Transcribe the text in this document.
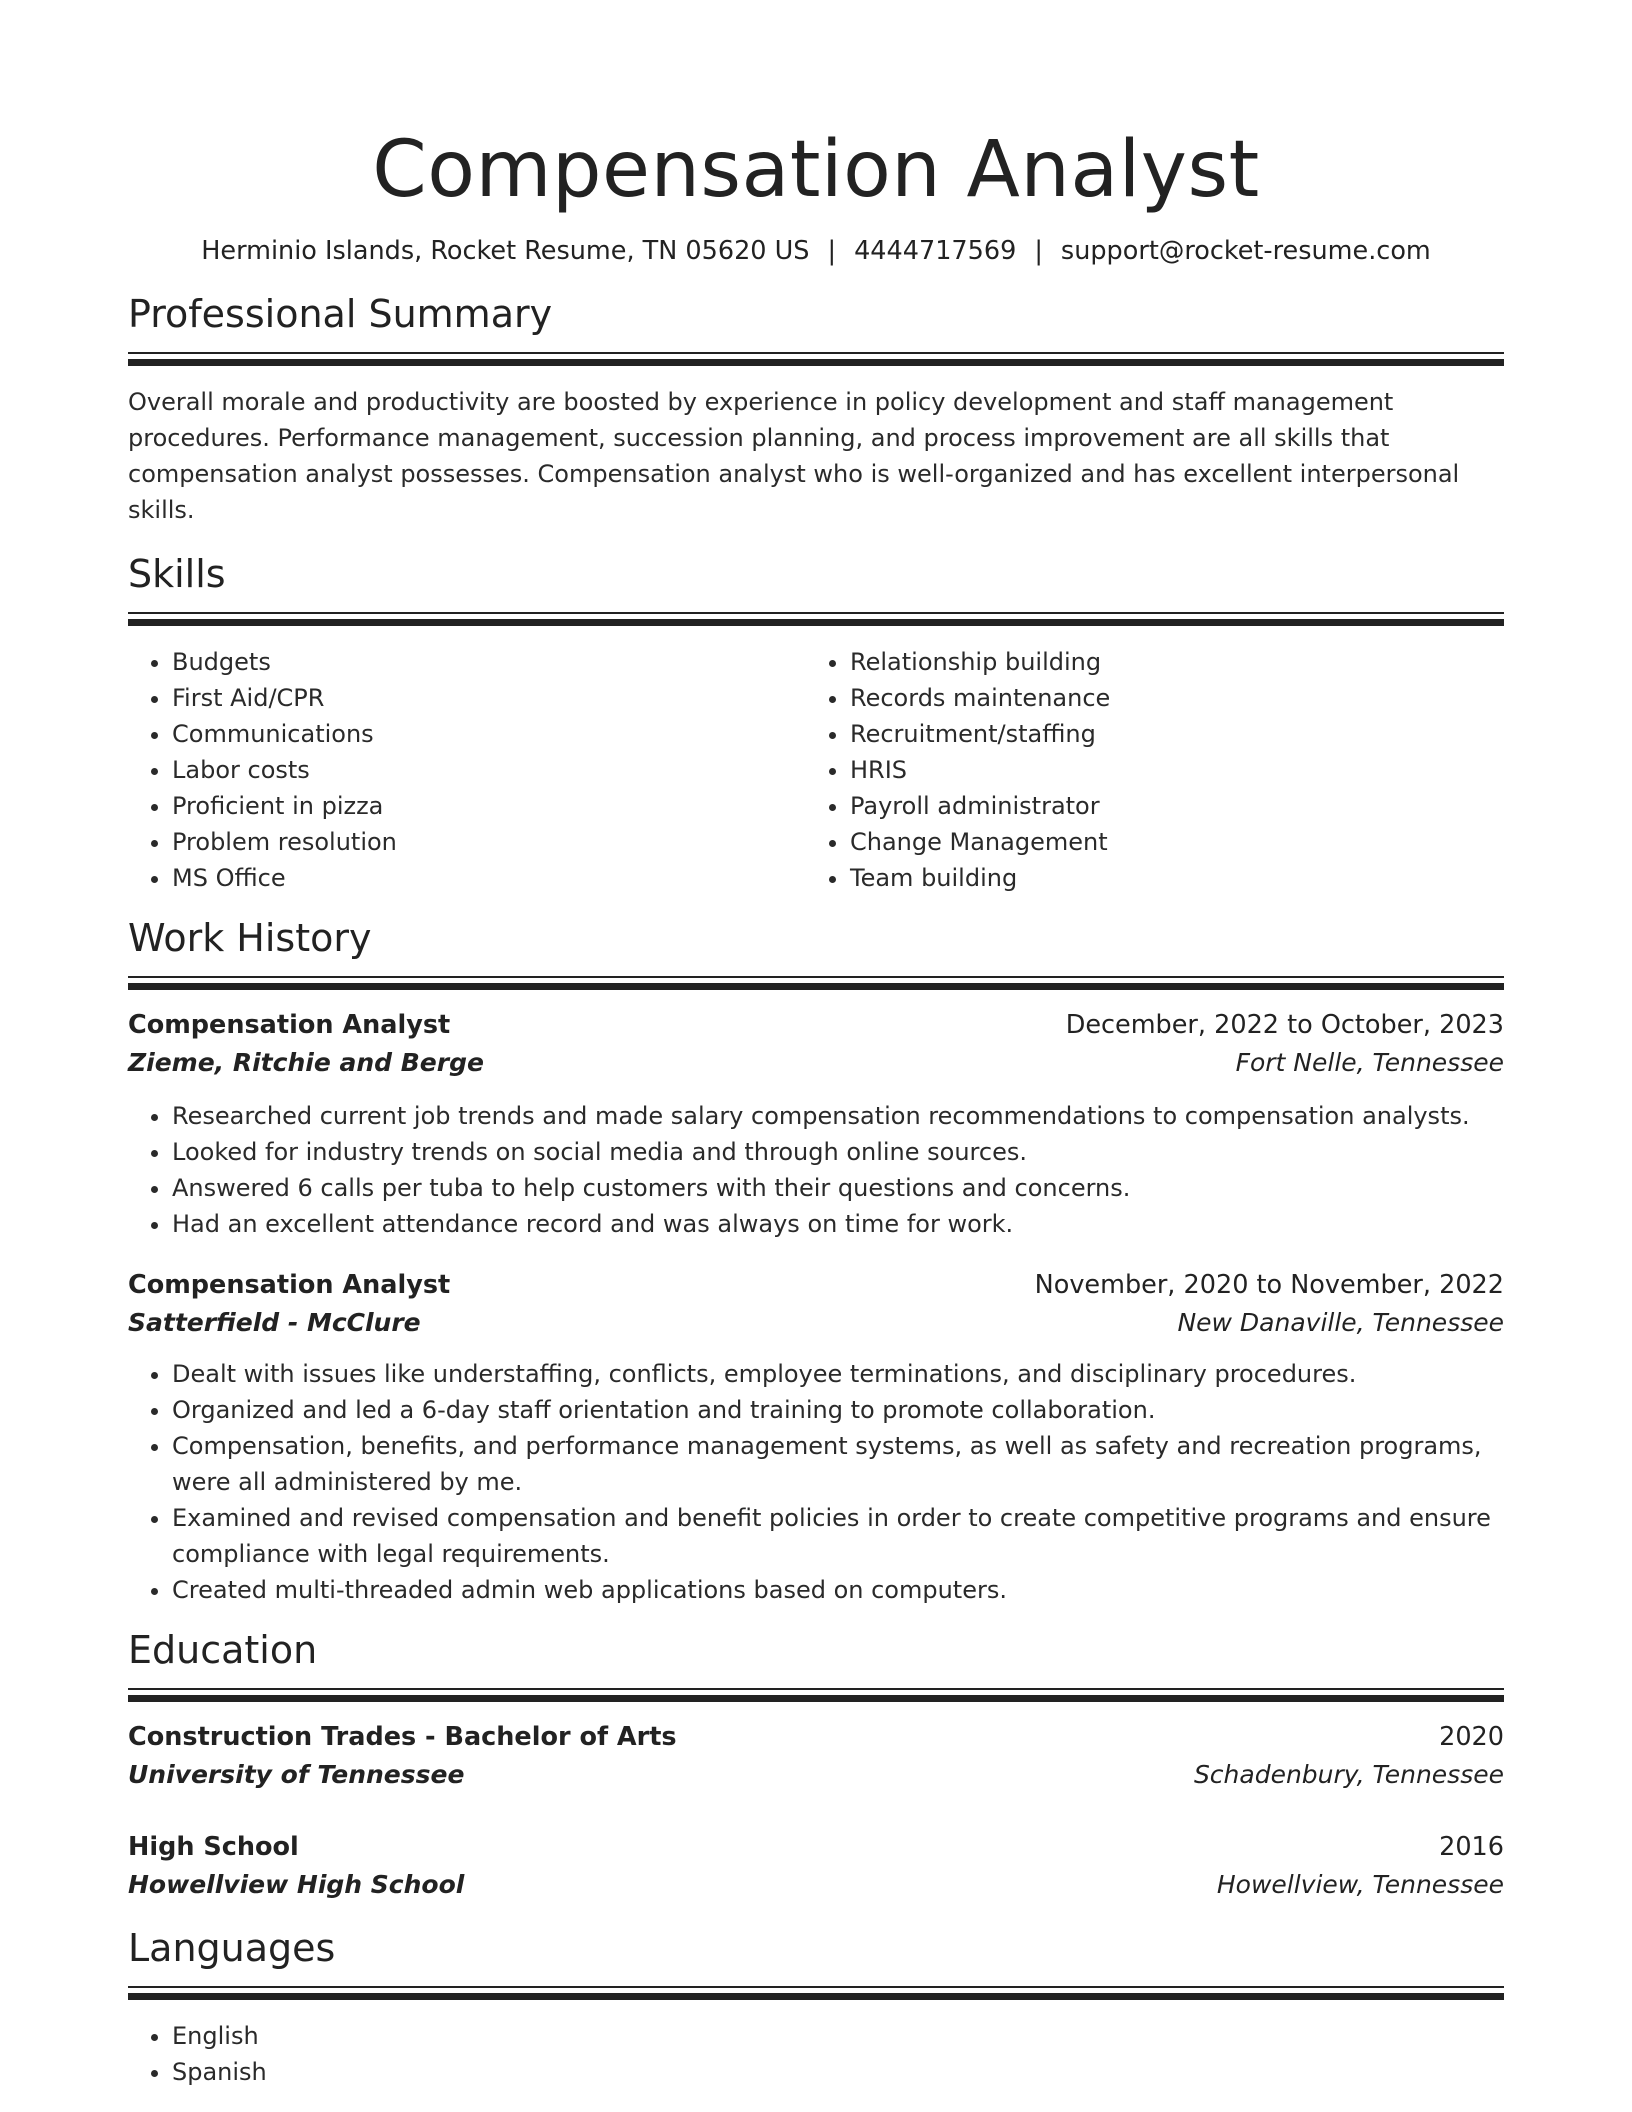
Compensation Analyst
Herminio Islands, Rocket Resume, TN 05620 US | 4444717569 | support@rocket-resume.com
Professional Summary

Overall morale and productivity are boosted by experience in policy development and staff management procedures. Performance management, succession planning, and process improvement are all skills that compensation analyst possesses. Compensation analyst who is well-organized and has excellent interpersonal skills.

Skills
• Budgets
• First Aid/CPR
• Communications
• Labor costs
• Proficient in pizza
• Problem resolution
• MS Office
• Relationship building
• Records maintenance
• Recruitment/staffing
• HRIS
• Payroll administrator
• Change Management
• Team building
Work History
Compensation Analyst	December, 2022 to October, 2023
Zieme, Ritchie and Berge	Fort Nelle, Tennessee
• Researched current job trends and made salary compensation recommendations to compensation analysts.
• Looked for industry trends on social media and through online sources.
• Answered 6 calls per tuba to help customers with their questions and concerns.
• Had an excellent attendance record and was always on time for work.
Compensation Analyst	November, 2020 to November, 2022
Satterfield - McClure	New Danaville, Tennessee
• Dealt with issues like understaffing, conflicts, employee terminations, and disciplinary procedures.
• Organized and led a 6-day staff orientation and training to promote collaboration.
• Compensation, benefits, and performance management systems, as well as safety and recreation programs, were all administered by me.
• Examined and revised compensation and benefit policies in order to create competitive programs and ensure compliance with legal requirements.
• Created multi-threaded admin web applications based on computers.
Education
Construction Trades - Bachelor of Arts	2020
University of Tennessee	Schadenbury, Tennessee
High School	2016
Howellview High School	Howellview, Tennessee
Languages
• English
• Spanish
